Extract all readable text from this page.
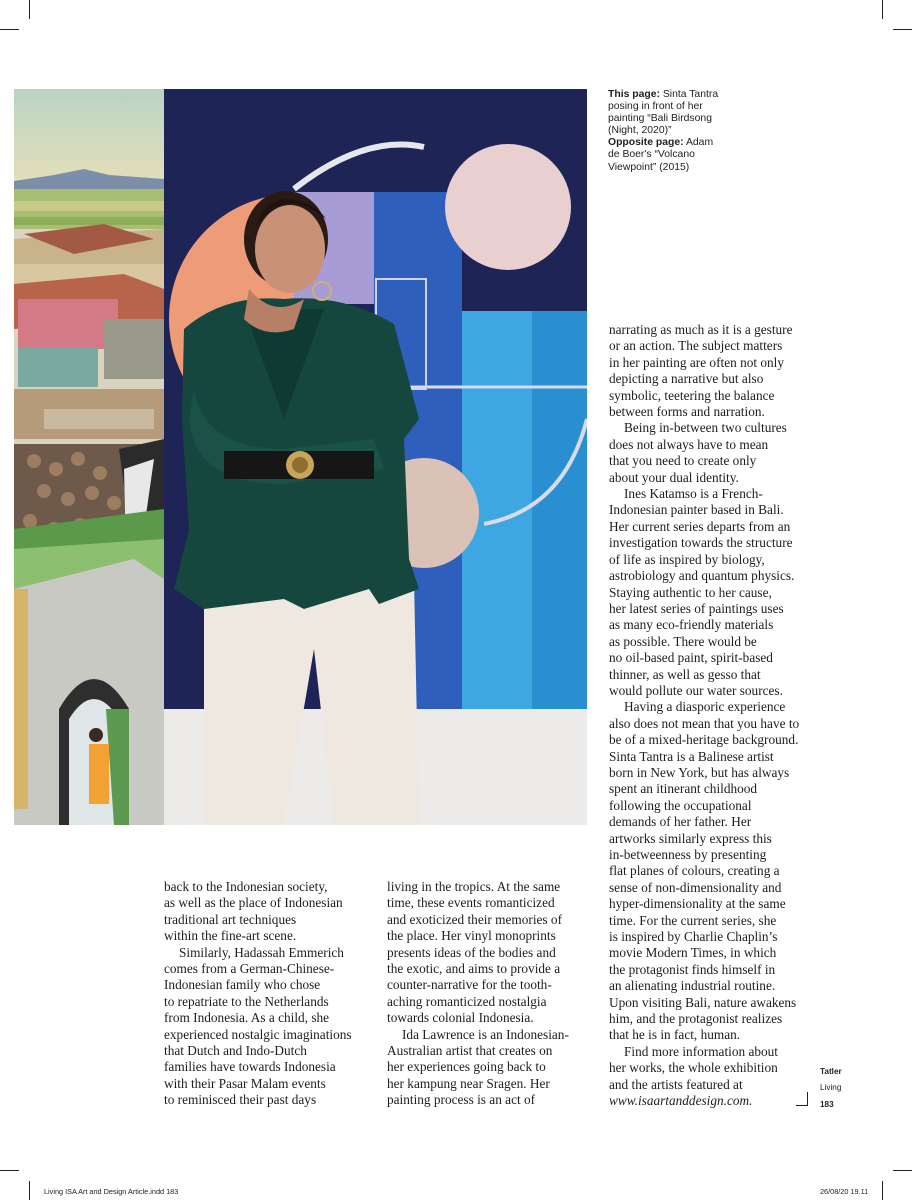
This page: Sinta Tantra
posing in front of her
painting “Bali Birdsong
(Night, 2020)”
Opposite page: Adam
de Boer's “Volcano
Viewpoint” (2015)

back to the Indonesian society,
as well as the place of Indonesian
traditional art techniques
within the fine-art scene.

Similarly, Hadassah Emmerich
comes from a German-Chinese-
Indonesian family who chose
to repatriate to the Netherlands
from Indonesia. As a child, she
experienced nostalgic imaginations
that Dutch and Indo-Dutch
families have towards Indonesia
with their Pasar Malam events
to reminisced their past days

living in the tropics. At the same
time, these events romanticized
and exoticized their memories of
the place. Her vinyl monoprints
presents ideas of the bodies and
the exotic, and aims to provide a
counter-narrative for the tooth-
aching romanticized nostalgia
towards colonial Indonesia.

Ida Lawrence is an Indonesian-
Australian artist that creates on
her experiences going back to
her kampung near Sragen. Her
painting process is an act of

narrating as much as it is a gesture
or an action. The subject matters
in her painting are often not only
depicting a narrative but also
symbolic, teetering the balance
between forms and narration.

Being in-between two cultures
does not always have to mean
that you need to create only
about your dual identity.

Ines Katamso is a French-
Indonesian painter based in Bali.
Her current series departs from an
investigation towards the structure
of life as inspired by biology,
astrobiology and quantum physics.
Staying authentic to her cause,
her latest series of paintings uses
as many eco-friendly materials
as possible. There would be
no oil-based paint, spirit-based
thinner, as well as gesso that
would pollute our water sources.

Having a diasporic experience
also does not mean that you have to
be of a mixed-heritage background.
Sinta Tantra is a Balinese artist
born in New York, but has always
spent an itinerant childhood
following the occupational
demands of her father. Her
artworks similarly express this
in-betweenness by presenting
flat planes of colours, creating a
sense of non-dimensionality and
hyper-dimensionality at the same
time. For the current series, she
is inspired by Charlie Chaplin’s
movie Modern Times, in which
the protagonist finds himself in
an alienating industrial routine.
Upon visiting Bali, nature awakens
him, and the protagonist realizes
that he is in fact, human.

Find more information about
her works, the whole exhibition
and the artists featured at

www.isaartanddesign.com.
Tatler
Living
183
Living ISA Art and Design Article.indd 183	26/08/20 19.11
